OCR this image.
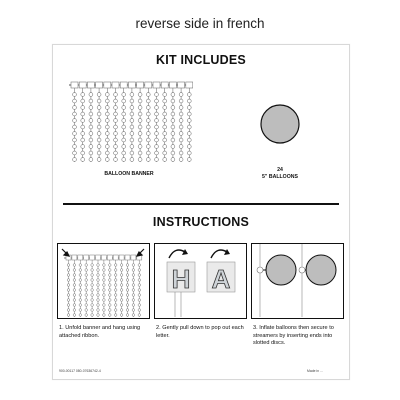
reverse side in french
KIT INCLUDES
BALLOON BANNER
24
5" BALLOONS
INSTRUCTIONS
H A
1. Unfold banner and hang using attached ribbon.
2. Gently pull down to pop out each letter.
3. Inflate balloons then secure to streamers by inserting ends into slotted discs.
900-00117 080-07636742-4	Made in ...
